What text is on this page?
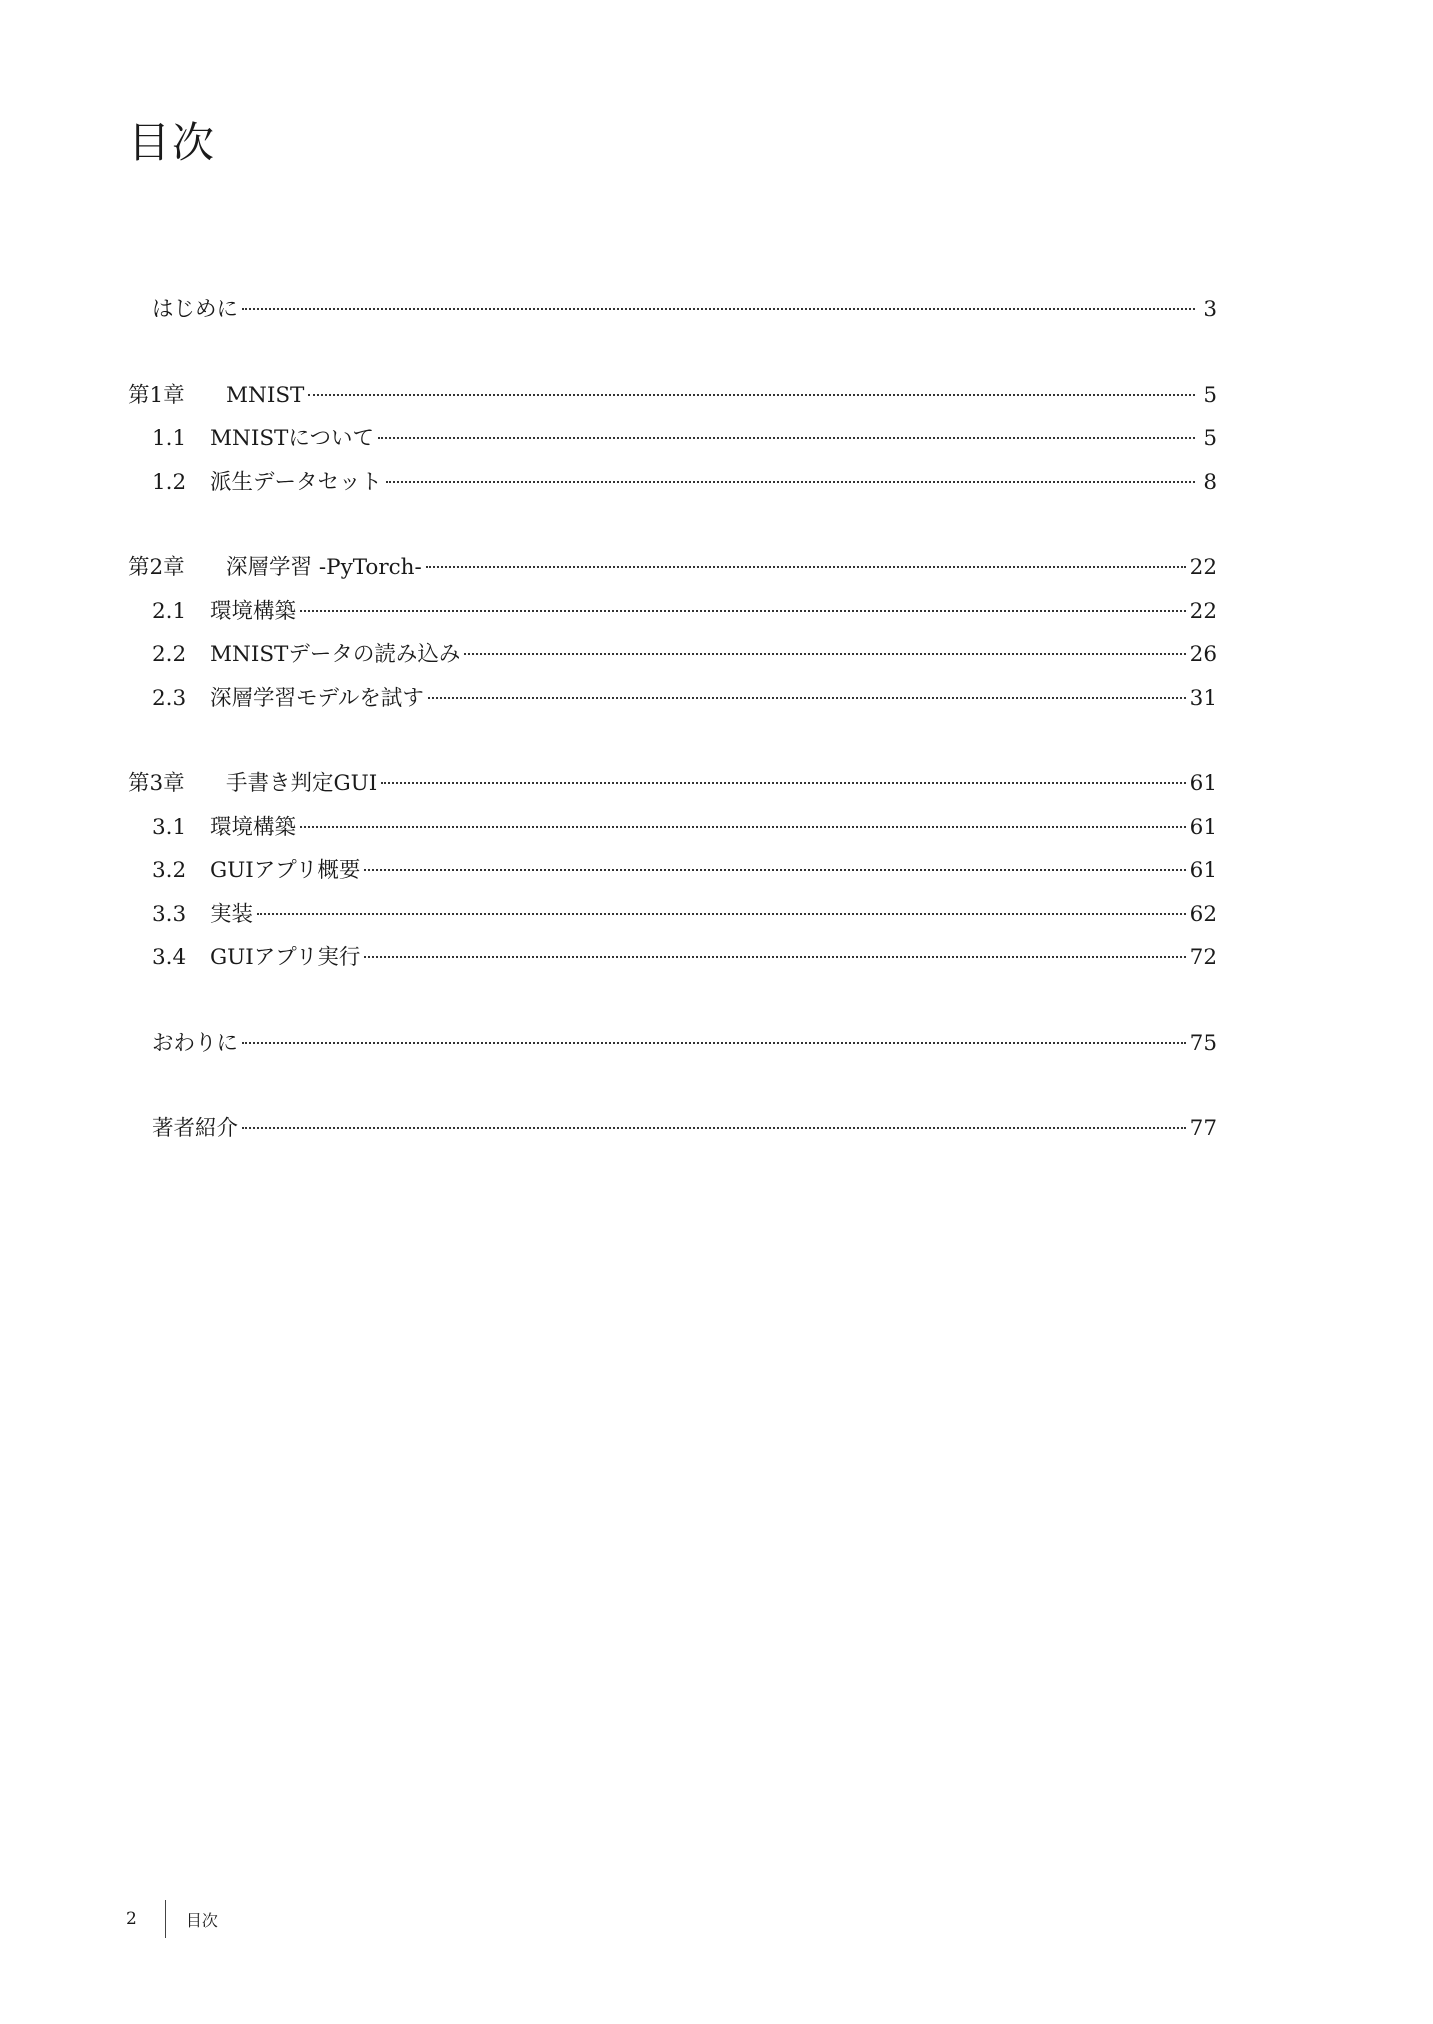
目次
はじめに	3
第1章	MNIST	5
1.1	MNISTについて	5
1.2	派生データセット	8
第2章	深層学習 -PyTorch-	22
2.1	環境構築	22
2.2	MNISTデータの読み込み	26
2.3	深層学習モデルを試す	31
第3章	手書き判定GUI	61
3.1	環境構築	61
3.2	GUIアプリ概要	61
3.3	実装	62
3.4	GUIアプリ実行	72
おわりに	75
著者紹介	77
2	目次
